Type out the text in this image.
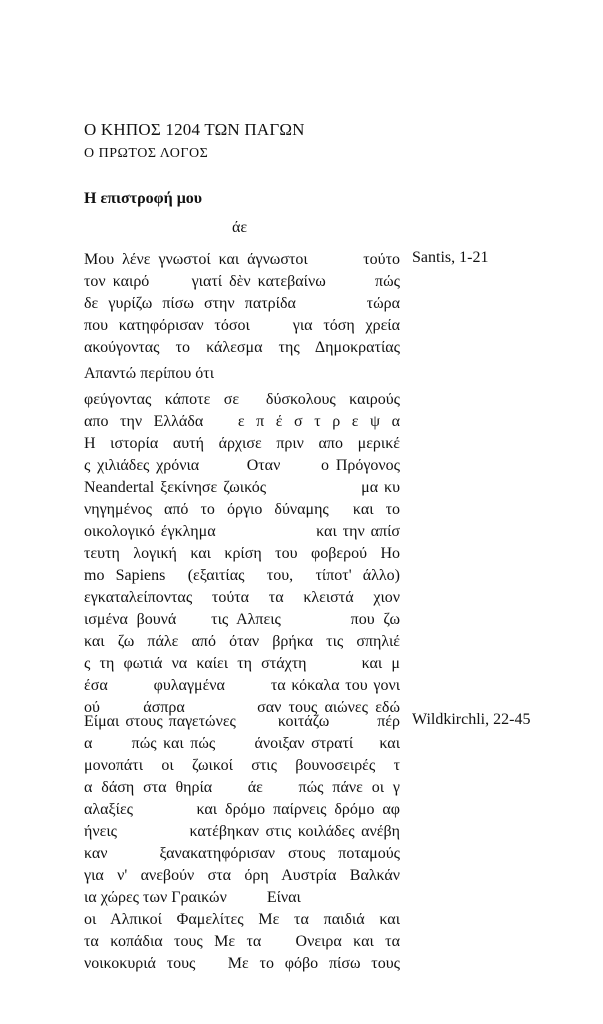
Ο ΚΗΠΟΣ 1204 ΤΩΝ ΠΑΓΩΝ
Ο ΠΡΩΤΟΣ ΛΟΓΟΣ
Η επιστροφή μου
άε
Μου λένε γνωστοί και άγνωστοι       τούτο
τον καιρό      γιατί δὲν κατεβαίνω       πώς
δε γυρίζω πίσω στην πατρίδα       τώρα
που κατηφόρισαν τόσοι    για τόση χρεία
ακούγοντας το κάλεσμα της Δημοκρατίας
Απαντώ περίπου ότι
φεύγοντας κάποτε σε  δύσκολους καιρούς
απο την Ελλάδα   ε π έ σ τ ρ ε ψ α
Η ιστορία αυτή άρχισε πριν απο μερικέ
ς χιλιάδες χρόνια       Οταν      ο Πρόγονος
Neandertal ξεκίνησε ζωικός                μα κυ
νηγημένος από το όργιο δύναμης  και το
οικολογικό έγκλημα                 και την απίσ
τευτη λογική και κρίση του φοβερού Ηο
mo Sapiens  (εξαιτίας  του,  τίποτ' άλλο)
εγκαταλείποντας τούτα τα κλειστά χιον
ισμένα βουνά    τις Αλπεις        που ζω
και ζω πάλε από όταν βρήκα τις σπηλιέ
ς τη φωτιά να καίει τη στάχτη      και μ
έσα        φυλαγμένα        τα κόκαλα του γονι
ού      άσπρα          σαν τους αιώνες εδώ
Είμαι στους παγετώνες       κοιτάζω        πέρ
α      πώς και πώς      άνοιξαν στρατί    και
μονοπάτι  οι  ζωικοί  στις  βουνοσειρές  τ
α δάση στα θηρία    άε    πώς πάνε οι γ
αλαξίες        και δρόμο παίρνεις δρόμο αφ
ήνεις           κατέβηκαν στις κοιλάδες ανέβη
καν    ξανακατηφόρισαν στους ποταμούς
για ν' ανεβούν στα όρη Αυστρία Βαλκάν
ια χώρες των Γραικών          Είναι
οι Αλπικοί Φαμελίτες Με τα παιδιά και
τα κοπάδια τους Με τα   Ονειρα και τα
νοικοκυριά τους   Με το φόβο πίσω τους
Santis, 1-21
Wildkirchli, 22-45
